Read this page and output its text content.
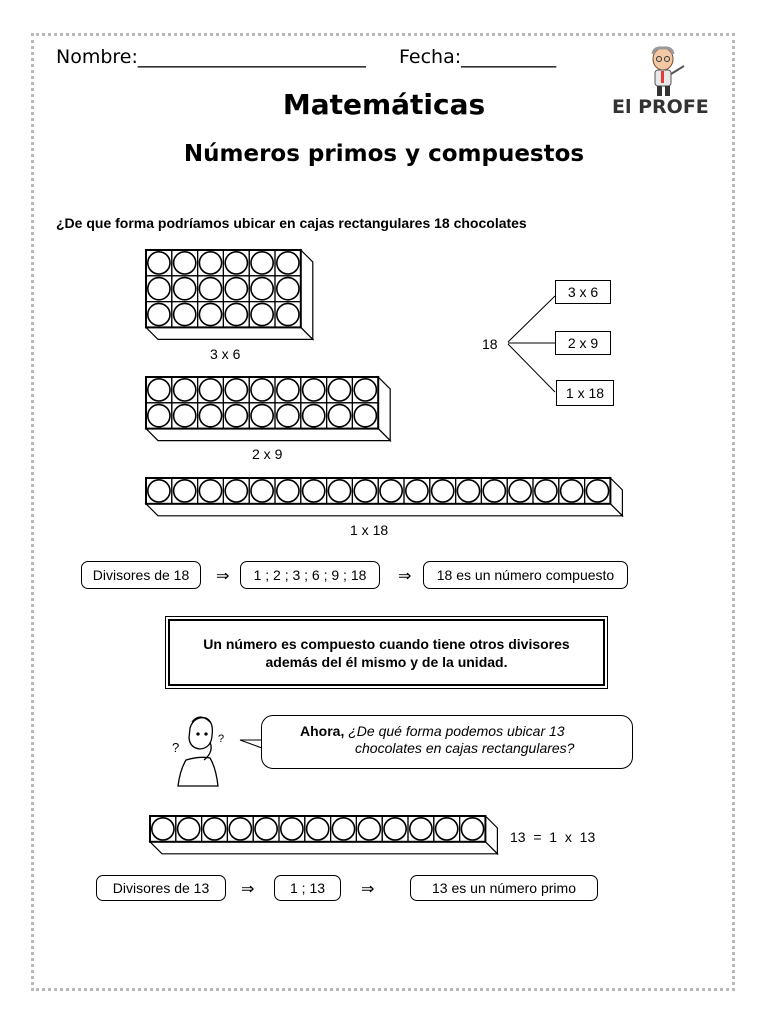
Nombre:________________________ Fecha:__________
El PROFE
Matemáticas
Números primos y compuestos
¿De que forma podríamos ubicar en cajas rectangulares 18 chocolates
3 x 6
2 x 9
1 x 18
18
3 x 6
2 x 9
1 x 18
Divisores de 18	⇒	1 ; 2 ; 3 ; 6 ; 9 ; 18	⇒	18 es un número compuesto
Un número es compuesto cuando tiene otros divisores
además del él mismo y de la unidad.
?
?	Ahora, ¿De qué forma podemos ubicar 13
chocolates en cajas rectangulares?
13  =  1  x  13
Divisores de 13	⇒	1 ; 13	⇒	13 es un número primo
